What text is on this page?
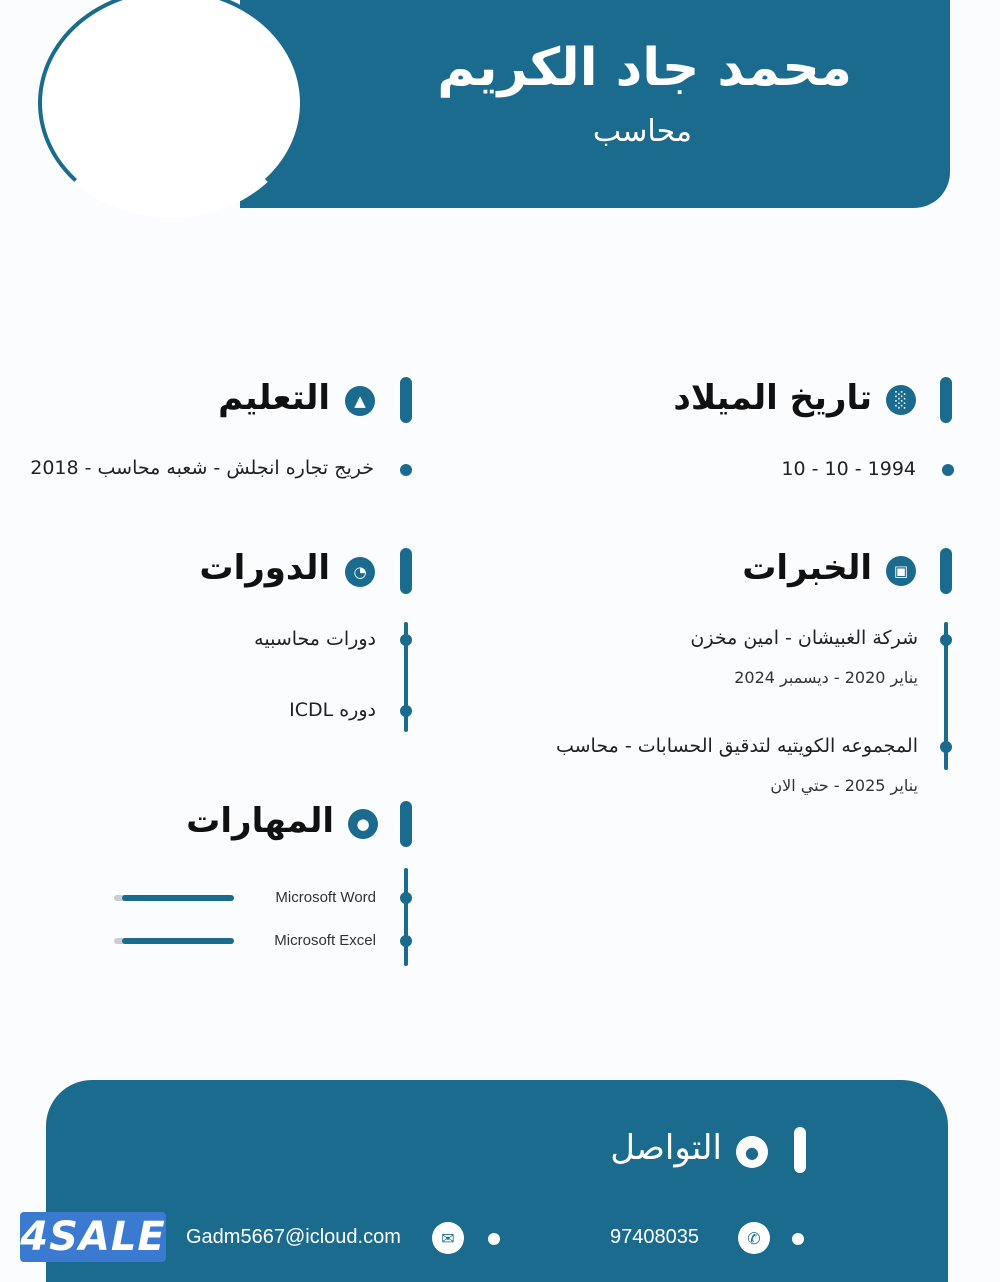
محمد جاد الكريم
محاسب
░
تاريخ الميلاد
1994 - 10 - 10
▲
التعليم
خريج تجاره انجلش - شعبه محاسب - 2018
▣
الخبرات
شركة الغبيشان - امين مخزن
يناير 2020 - ديسمبر 2024
المجموعه الكويتيه لتدقيق الحسابات - محاسب
يناير 2025 - حتي الان
◔
الدورات
دورات محاسبيه
دوره ICDL
●
المهارات
Microsoft Word
Microsoft Excel
●
التواصل
✆
97408035
✉
Gadm5667@icloud.com
4SALE
